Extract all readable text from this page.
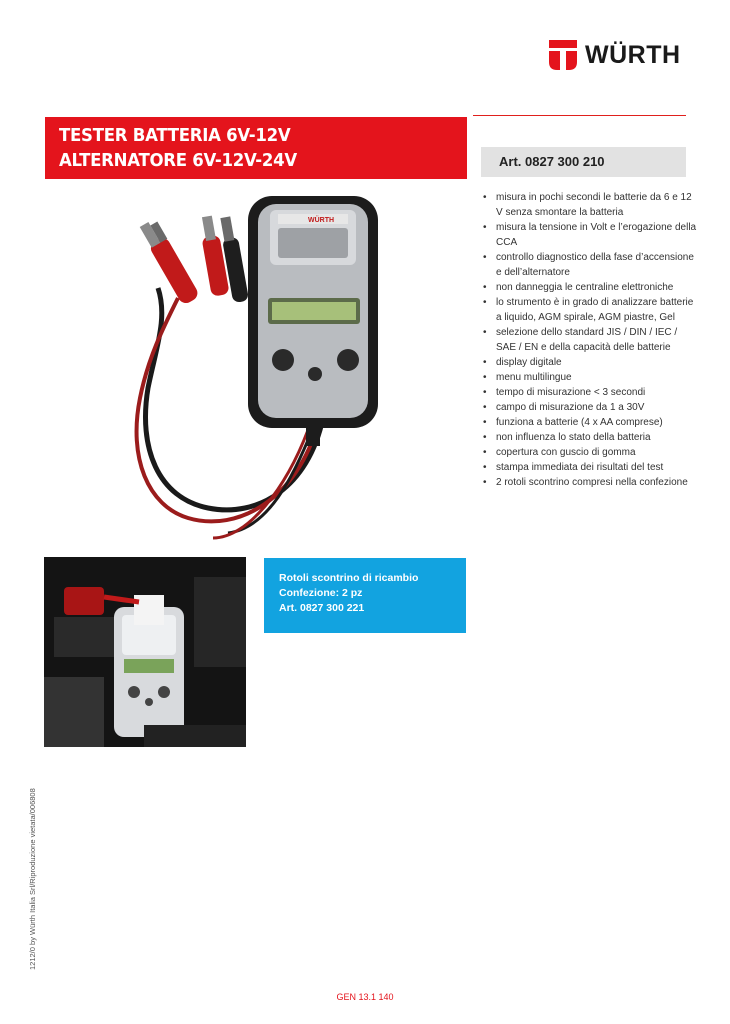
WÜRTH
TESTER BATTERIA 6V-12V
ALTERNATORE 6V-12V-24V	Art. 0827 300 210
• misura in pochi secondi le batterie da 6 e 12 V senza smontare la batteria
• misura la tensione in Volt e l’erogazione della CCA
• controllo diagnostico della fase d’accensione e dell’alternatore
• non danneggia le centraline elettroniche
• lo strumento è in grado di analizzare batterie a liquido, AGM spirale, AGM piastre, Gel
• selezione dello standard JIS / DIN / IEC / SAE / EN e della capacità delle batterie
• display digitale
• menu multilingue
• tempo di misurazione < 3 secondi
• campo di misurazione da 1 a 30V
• funziona a batterie (4 x AA comprese)
• non influenza lo stato della batteria
• copertura con guscio di gomma
• stampa immediata dei risultati del test
• 2 rotoli scontrino compresi nella confezione
WÜRTH
Rotoli scontrino di ricambio
Confezione: 2 pz
Art. 0827 300 221
1212/0 by Würth Italia Srl/Riproduzione vietata/006808
GEN 13.1 140
